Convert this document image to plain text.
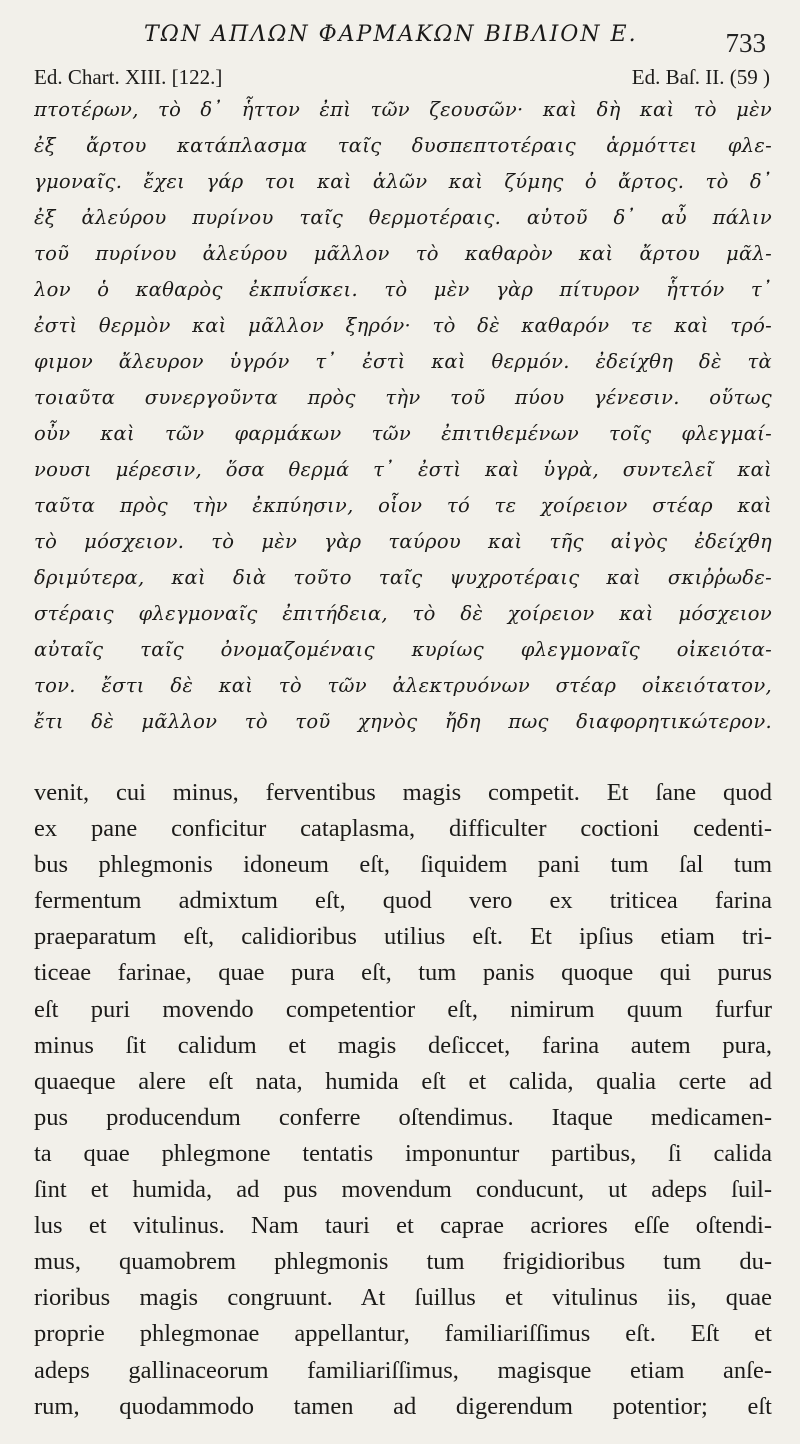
ΤΩΝ ΑΠΛΩΝ ΦΑΡΜΑΚΩΝ ΒΙΒΛΙΟΝ Ε.	733
Ed. Chart. XIII. [122.]	Ed. Baſ. II. (59 )
πτοτέρων, τὸ δ᾽ ἧττον ἐπὶ τῶν ζεουσῶν· καὶ δὴ καὶ τὸ μὲν
ἐξ ἄρτου κατάπλασμα ταῖς δυσπεπτοτέραις ἁρμόττει φλε-
γμοναῖς. ἔχει γάρ τοι καὶ ἁλῶν καὶ ζύμης ὁ ἄρτος. τὸ δ᾽
ἐξ ἀλεύρου πυρίνου ταῖς θερμοτέραις. αὐτοῦ δ᾽ αὖ πάλιν
τοῦ πυρίνου ἀλεύρου μᾶλλον τὸ καθαρὸν καὶ ἄρτου μᾶλ-
λον ὁ καθαρὸς ἐκπυΐσκει. τὸ μὲν γὰρ πίτυρον ἧττόν τ᾽
ἐστὶ θερμὸν καὶ μᾶλλον ξηρόν· τὸ δὲ καθαρόν τε καὶ τρό-
φιμον ἄλευρον ὑγρόν τ᾽ ἐστὶ καὶ θερμόν. ἐδείχθη δὲ τὰ
τοιαῦτα συνεργοῦντα πρὸς τὴν τοῦ πύου γένεσιν. οὕτως
οὖν καὶ τῶν φαρμάκων τῶν ἐπιτιθεμένων τοῖς φλεγμαί-
νουσι μέρεσιν, ὅσα θερμά τ᾽ ἐστὶ καὶ ὑγρὰ, συντελεῖ καὶ
ταῦτα πρὸς τὴν ἐκπύησιν, οἷον τό τε χοίρειον στέαρ καὶ
τὸ μόσχειον. τὸ μὲν γὰρ ταύρου καὶ τῆς αἰγὸς ἐδείχθη
δριμύτερα, καὶ διὰ τοῦτο ταῖς ψυχροτέραις καὶ σκιῤῥωδε-
στέραις φλεγμοναῖς ἐπιτήδεια, τὸ δὲ χοίρειον καὶ μόσχειον
αὐταῖς ταῖς ὀνομαζομέναις κυρίως φλεγμοναῖς οἰκειότα-
τον. ἔστι δὲ καὶ τὸ τῶν ἀλεκτρυόνων στέαρ οἰκειότατον,
ἔτι δὲ μᾶλλον τὸ τοῦ χηνὸς ἤδη πως διαφορητικώτερον.
venit, cui minus, ferventibus magis competit. Et ſane quod
ex pane conficitur cataplasma, difficulter coctioni cedenti-
bus phlegmonis idoneum eſt, ſiquidem pani tum ſal tum
fermentum admixtum eſt, quod vero ex triticea farina
praeparatum eſt, calidioribus utilius eſt. Et ipſius etiam tri-
ticeae farinae, quae pura eſt, tum panis quoque qui purus
eſt puri movendo competentior eſt, nimirum quum furfur
minus ſit calidum et magis deſiccet, farina autem pura,
quaeque alere eſt nata, humida eſt et calida, qualia certe ad
pus producendum conferre oſtendimus. Itaque medicamen-
ta quae phlegmone tentatis imponuntur partibus, ſi calida
ſint et humida, ad pus movendum conducunt, ut adeps ſuil-
lus et vitulinus. Nam tauri et caprae acriores eſſe oſtendi-
mus, quamobrem phlegmonis tum frigidioribus tum du-
rioribus magis congruunt. At ſuillus et vitulinus iis, quae
proprie phlegmonae appellantur, familiariſſimus eſt. Eſt et
adeps gallinaceorum familiariſſimus, magisque etiam anſe-
rum, quodammodo tamen ad digerendum potentior; eſt
